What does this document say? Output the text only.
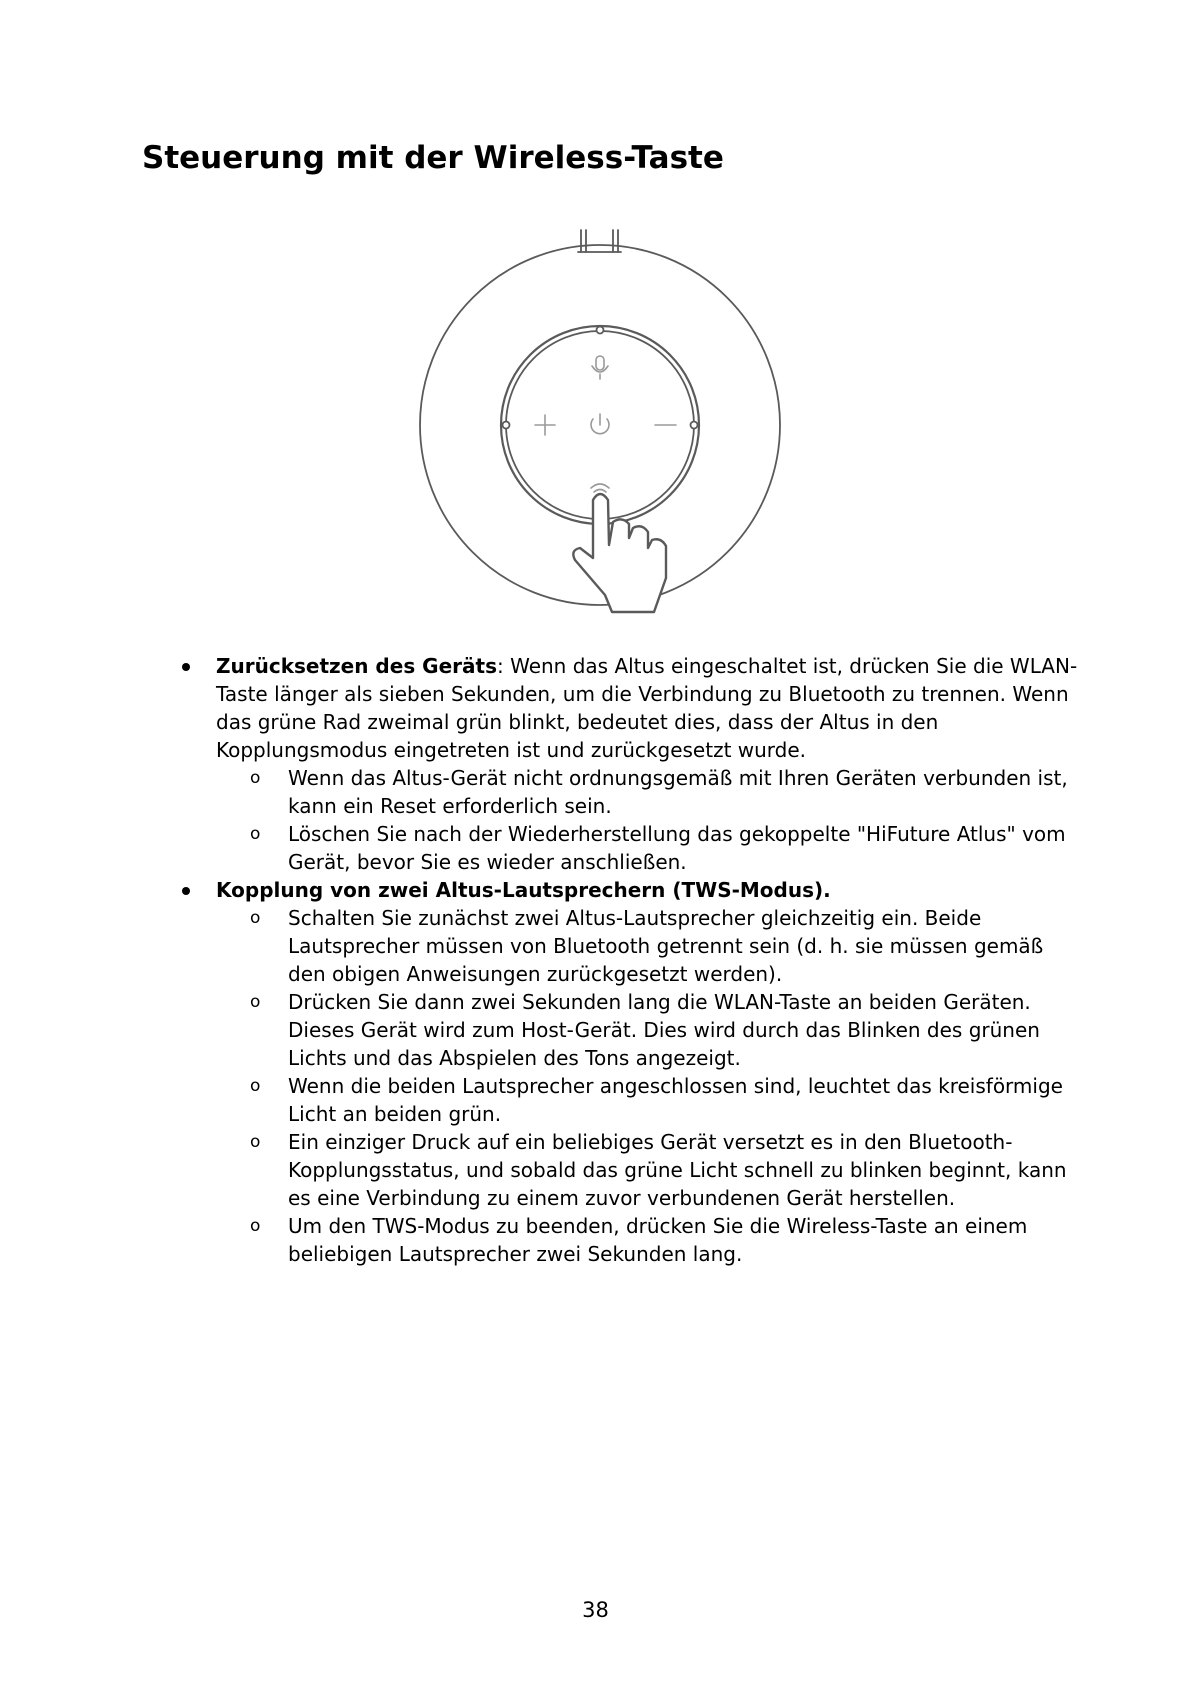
Steuerung mit der Wireless-Taste
Zurücksetzen des Geräts: Wenn das Altus eingeschaltet ist, drücken Sie die WLAN-Taste länger als sieben Sekunden, um die Verbindung zu Bluetooth zu trennen. Wenn das grüne Rad zweimal grün blinkt, bedeutet dies, dass der Altus in den Kopplungsmodus eingetreten ist und zurückgesetzt wurde.
o Wenn das Altus-Gerät nicht ordnungsgemäß mit Ihren Geräten verbunden ist, kann ein Reset erforderlich sein.
o Löschen Sie nach der Wiederherstellung das gekoppelte "HiFuture Atlus" vom Gerät, bevor Sie es wieder anschließen.
Kopplung von zwei Altus-Lautsprechern (TWS-Modus).
o Schalten Sie zunächst zwei Altus-Lautsprecher gleichzeitig ein. Beide Lautsprecher müssen von Bluetooth getrennt sein (d. h. sie müssen gemäß den obigen Anweisungen zurückgesetzt werden).
o Drücken Sie dann zwei Sekunden lang die WLAN-Taste an beiden Geräten. Dieses Gerät wird zum Host-Gerät. Dies wird durch das Blinken des grünen Lichts und das Abspielen des Tons angezeigt.
o Wenn die beiden Lautsprecher angeschlossen sind, leuchtet das kreisförmige Licht an beiden grün.
o Ein einziger Druck auf ein beliebiges Gerät versetzt es in den Bluetooth-Kopplungsstatus, und sobald das grüne Licht schnell zu blinken beginnt, kann es eine Verbindung zu einem zuvor verbundenen Gerät herstellen.
o Um den TWS-Modus zu beenden, drücken Sie die Wireless-Taste an einem beliebigen Lautsprecher zwei Sekunden lang.
38
